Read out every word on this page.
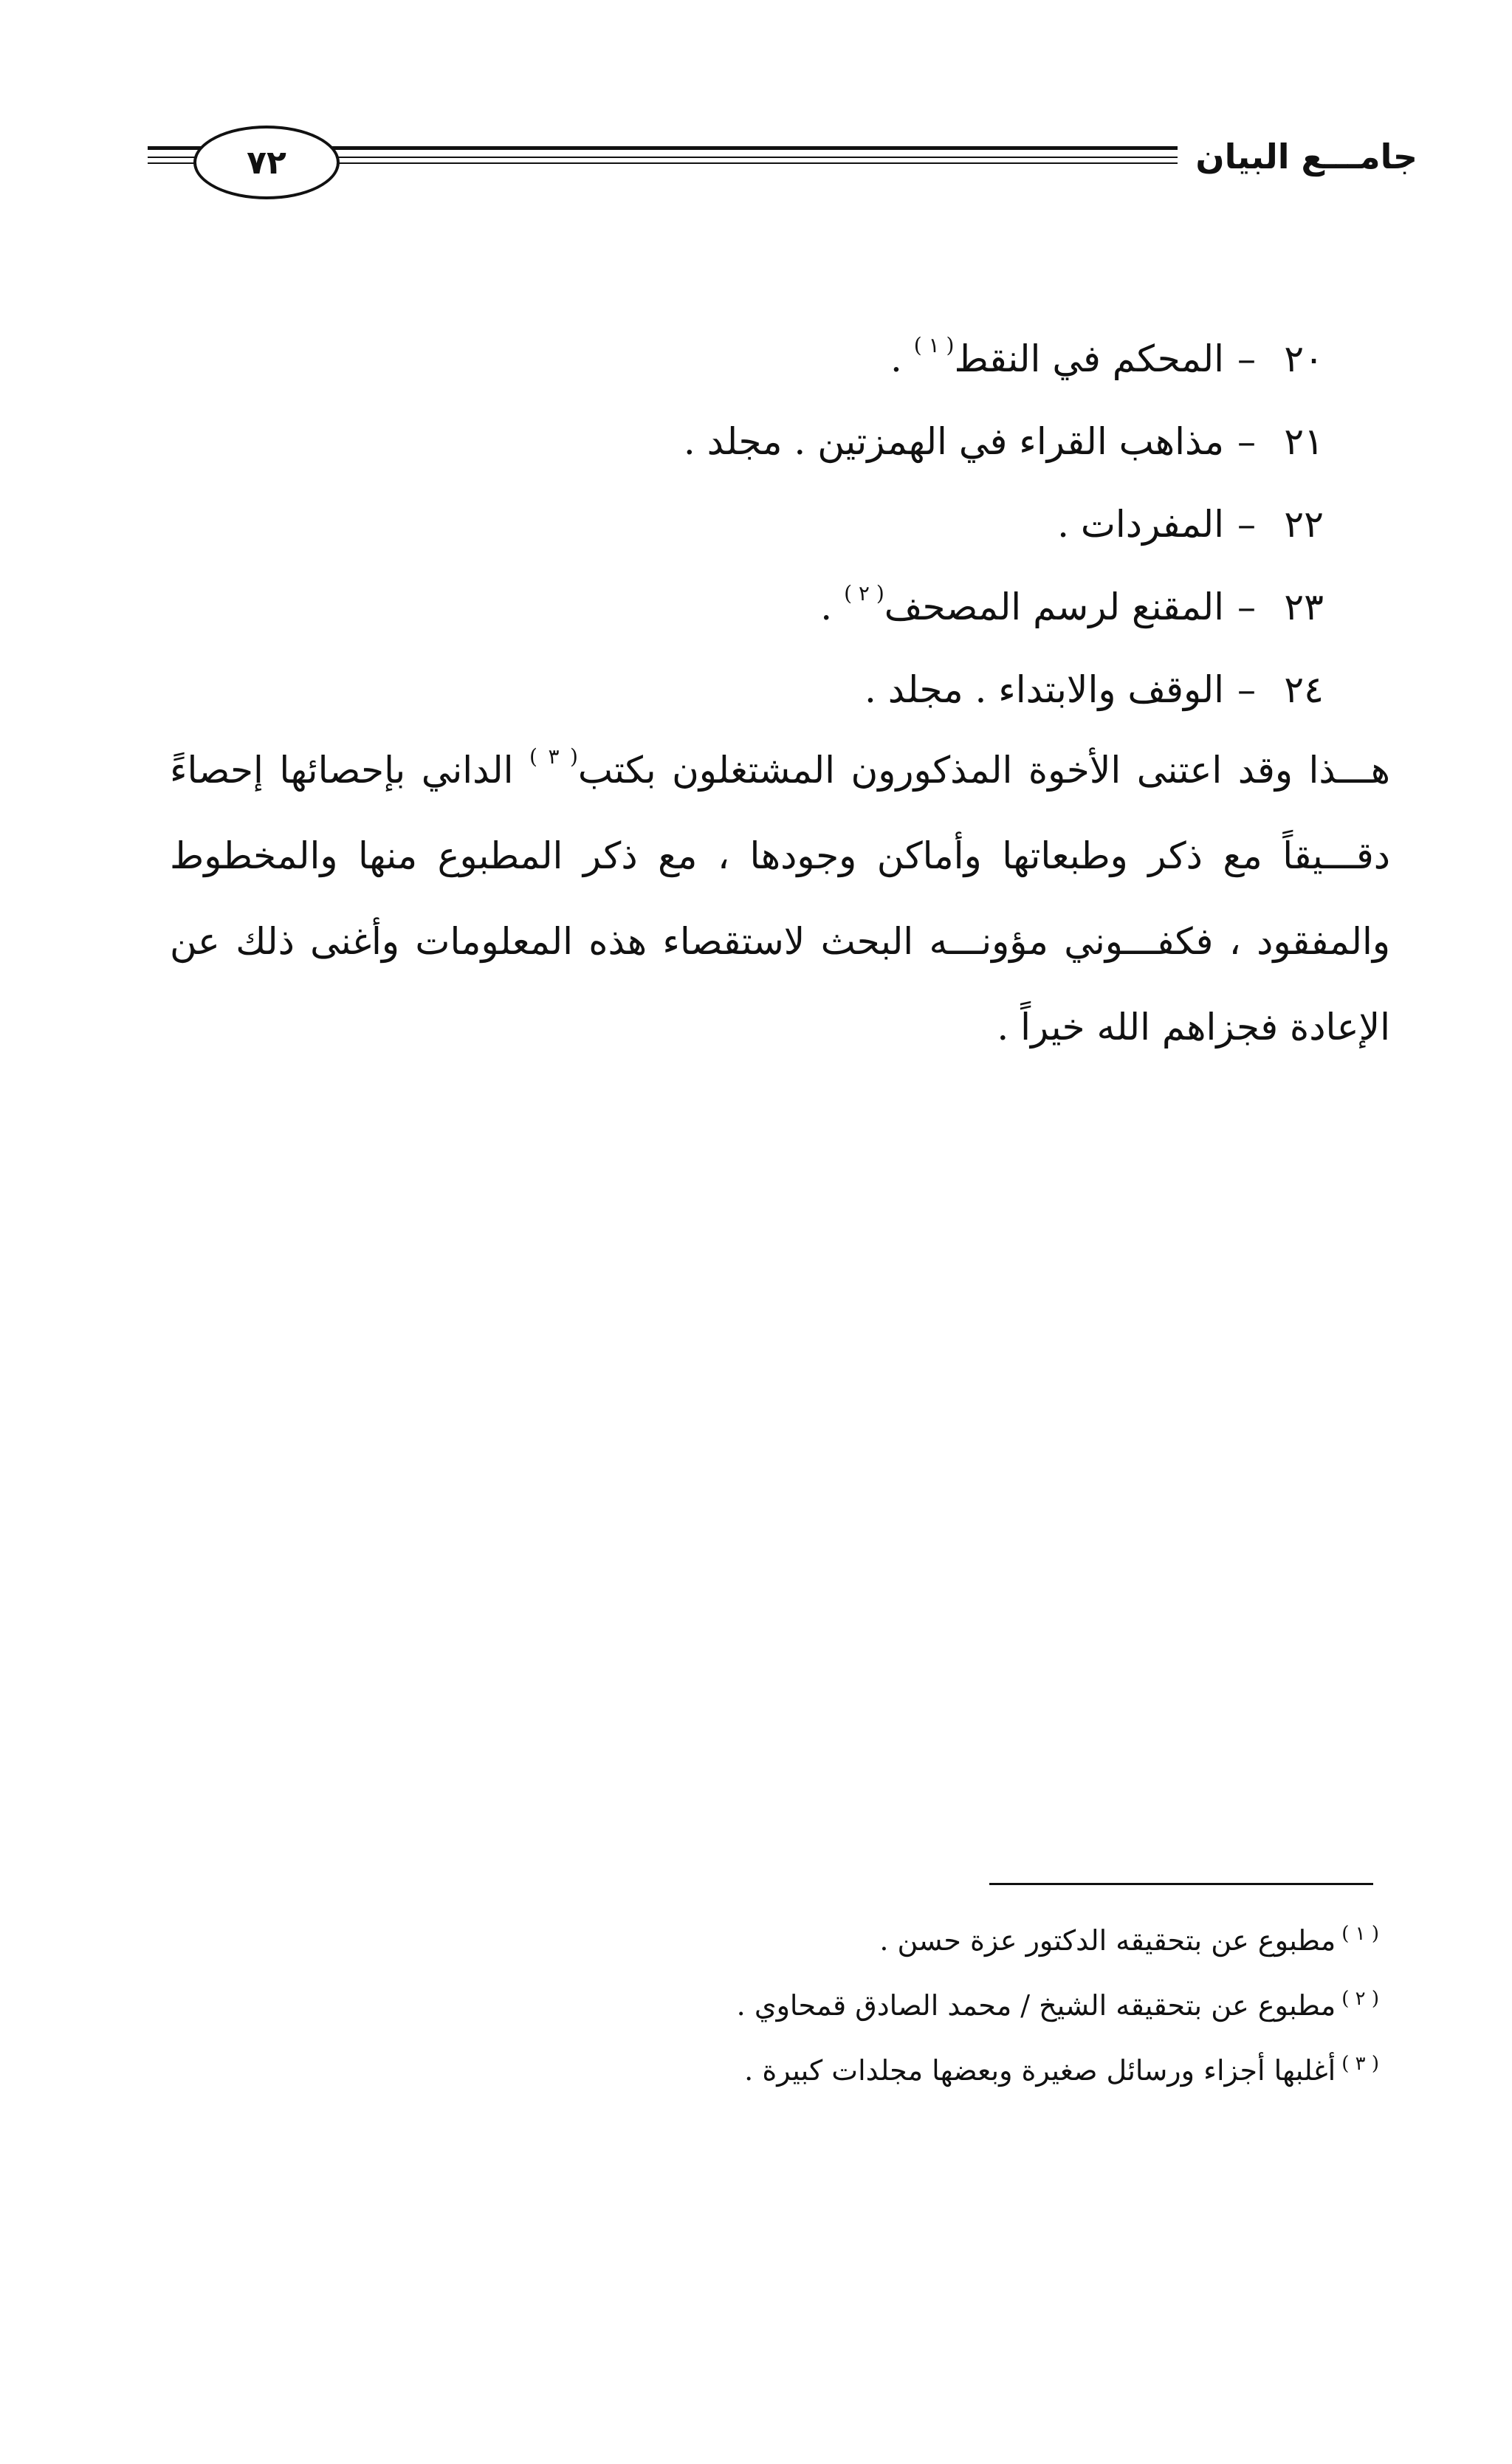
٧٢	جامـــع البيان
٢٠–المحكم في النقط$^{( ١ )}$ .
٢١–مذاهب القراء في الهمزتين . مجلد .
٢٢–المفردات .
٢٣–المقنع لرسم المصحف$^{( ٢ )}$ .
٢٤–الوقف والابتداء . مجلد .

هـــذا وقد اعتنى الأخوة المذكورون المشتغلون بكتب$^{( ٣ )}$ الداني بإحصائها إحصاءً دقـــيقاً مع ذكر وطبعاتها وأماكن وجودها ، مع ذكر المطبوع منها والمخطوط والمفقود ، فكفـــوني مؤونـــه البحث لاستقصاء هذه المعلومات وأغنى ذلك عن الإعادة فجزاهم الله خيراً .

( ١ )مطبوع عن بتحقيقه الدكتور عزة حسن .
( ٢ )مطبوع عن بتحقيقه الشيخ / محمد الصادق قمحاوي .
( ٣ )أغلبها أجزاء ورسائل صغيرة وبعضها مجلدات كبيرة .
